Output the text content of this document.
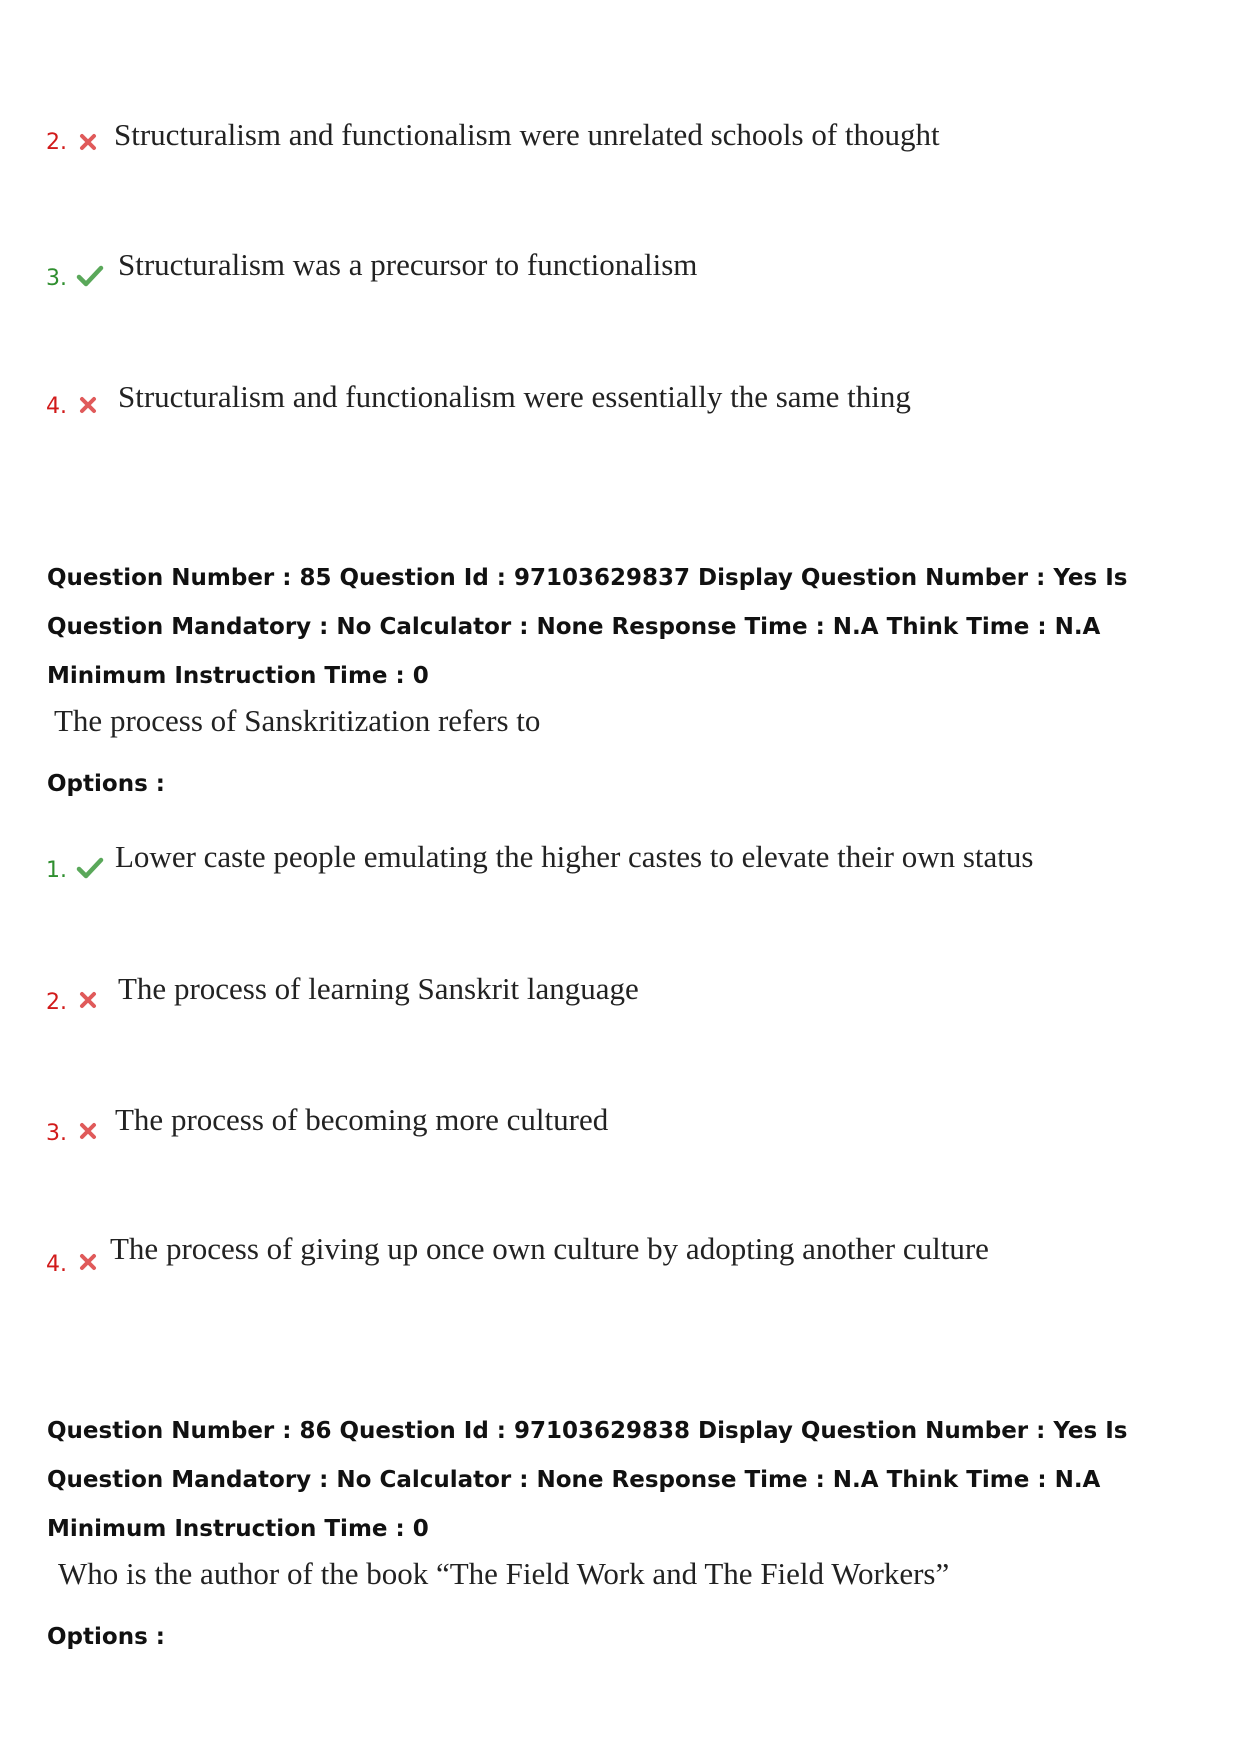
2. Structuralism and functionalism were unrelated schools of thought
3. Structuralism was a precursor to functionalism
4. Structuralism and functionalism were essentially the same thing
Question Number : 85 Question Id : 97103629837 Display Question Number : Yes Is Question Mandatory : No Calculator : None Response Time : N.A Think Time : N.A Minimum Instruction Time : 0
The process of Sanskritization refers to
Options :
1. Lower caste people emulating the higher castes to elevate their own status
2. The process of learning Sanskrit language
3. The process of becoming more cultured
4. The process of giving up once own culture by adopting another culture
Question Number : 86 Question Id : 97103629838 Display Question Number : Yes Is Question Mandatory : No Calculator : None Response Time : N.A Think Time : N.A Minimum Instruction Time : 0
Who is the author of the book “The Field Work and The Field Workers”
Options :
